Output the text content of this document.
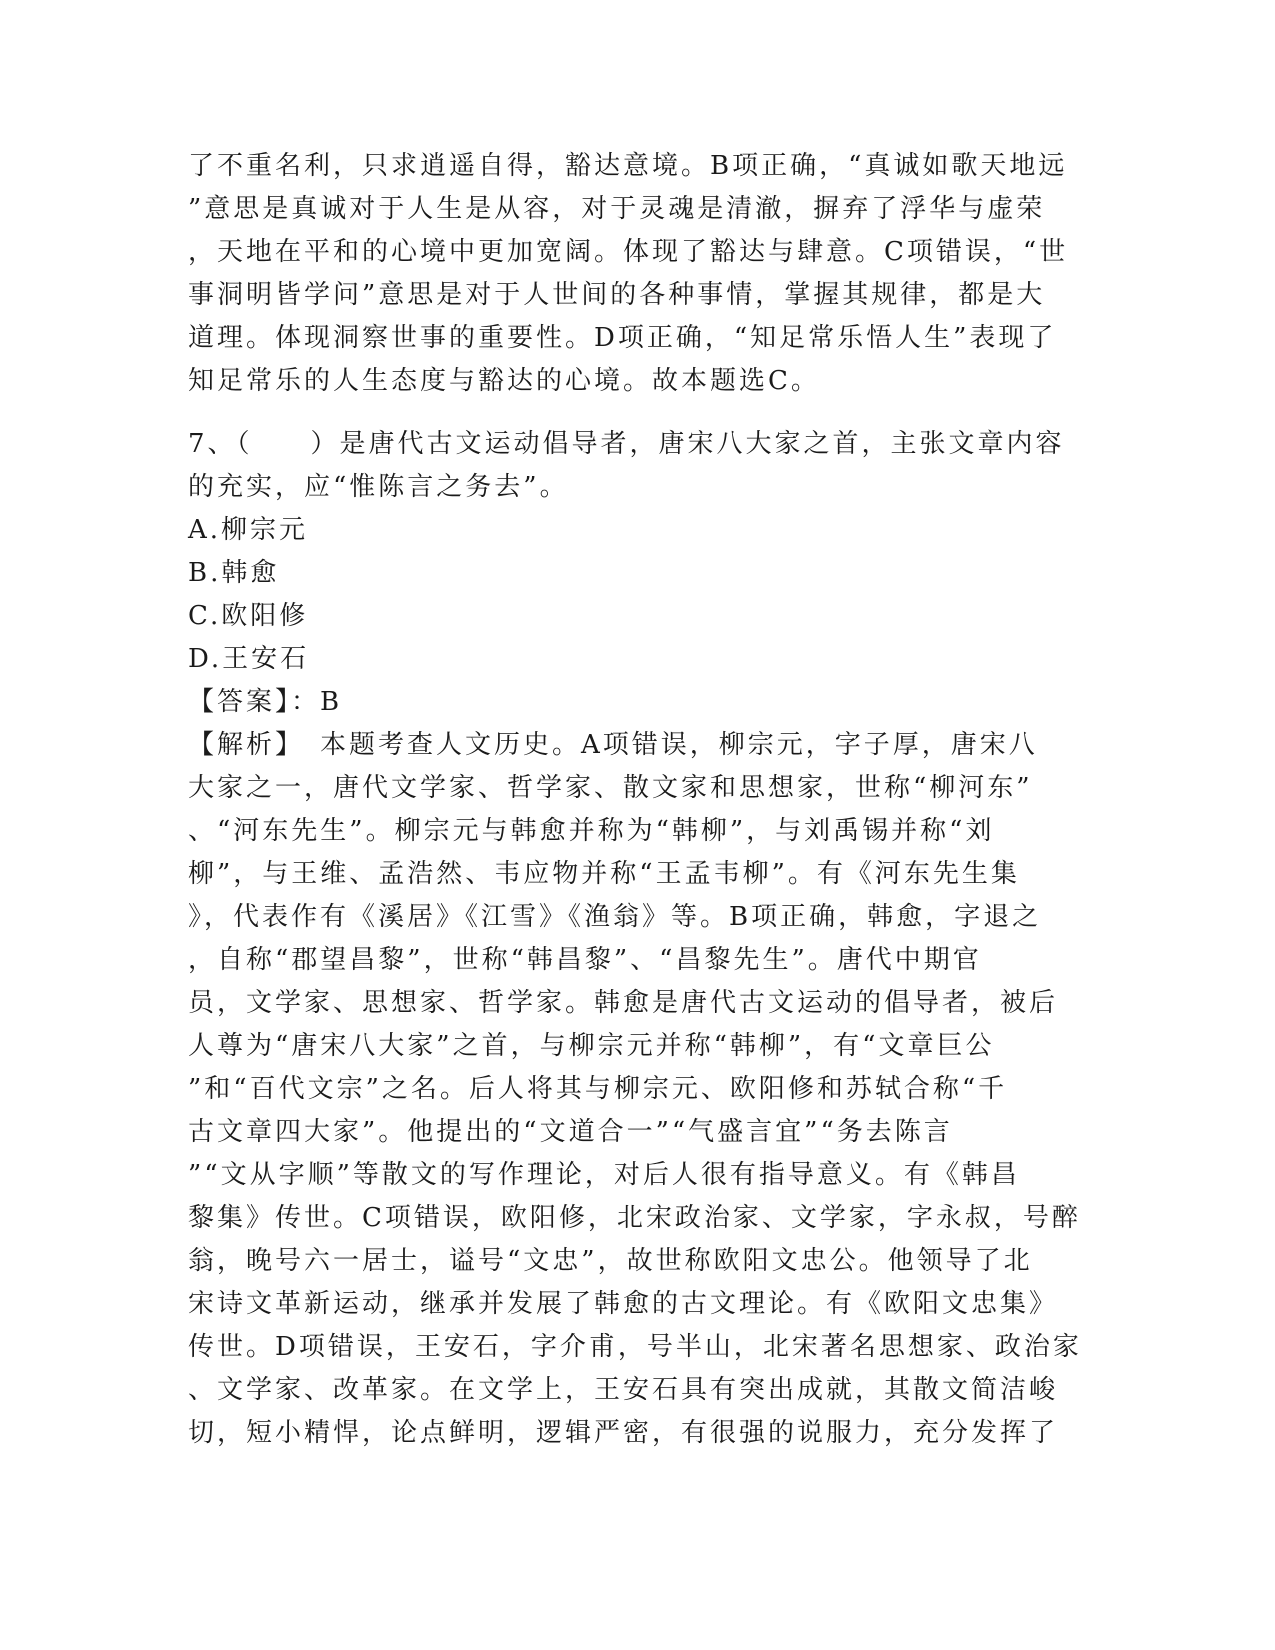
了不重名利，只求逍遥自得，豁达意境。B项正确，“真诚如歌天地远
”意思是真诚对于人生是从容，对于灵魂是清澈，摒弃了浮华与虚荣
，天地在平和的心境中更加宽阔。体现了豁达与肆意。C项错误，“世
事洞明皆学问”意思是对于人世间的各种事情，掌握其规律，都是大
道理。体现洞察世事的重要性。D项正确，“知足常乐悟人生”表现了
知足常乐的人生态度与豁达的心境。故本题选C。
7、（　　）是唐代古文运动倡导者，唐宋八大家之首，主张文章内容
的充实，应“惟陈言之务去”。
A.柳宗元
B.韩愈
C.欧阳修
D.王安石
【答案】：B
【解析】　本题考查人文历史。A项错误，柳宗元，字子厚，唐宋八
大家之一，唐代文学家、哲学家、散文家和思想家，世称“柳河东”
、“河东先生”。柳宗元与韩愈并称为“韩柳”，与刘禹锡并称“刘
柳”，与王维、孟浩然、韦应物并称“王孟韦柳”。有《河东先生集
》，代表作有《溪居》《江雪》《渔翁》等。B项正确，韩愈，字退之
，自称“郡望昌黎”，世称“韩昌黎”、“昌黎先生”。唐代中期官
员，文学家、思想家、哲学家。韩愈是唐代古文运动的倡导者，被后
人尊为“唐宋八大家”之首，与柳宗元并称“韩柳”，有“文章巨公
”和“百代文宗”之名。后人将其与柳宗元、欧阳修和苏轼合称“千
古文章四大家”。他提出的“文道合一”“气盛言宜”“务去陈言
”“文从字顺”等散文的写作理论，对后人很有指导意义。有《韩昌
黎集》传世。C项错误，欧阳修，北宋政治家、文学家，字永叔，号醉
翁，晚号六一居士，谥号“文忠”，故世称欧阳文忠公。他领导了北
宋诗文革新运动，继承并发展了韩愈的古文理论。有《欧阳文忠集》
传世。D项错误，王安石，字介甫，号半山，北宋著名思想家、政治家
、文学家、改革家。在文学上，王安石具有突出成就，其散文简洁峻
切，短小精悍，论点鲜明，逻辑严密，有很强的说服力，充分发挥了
